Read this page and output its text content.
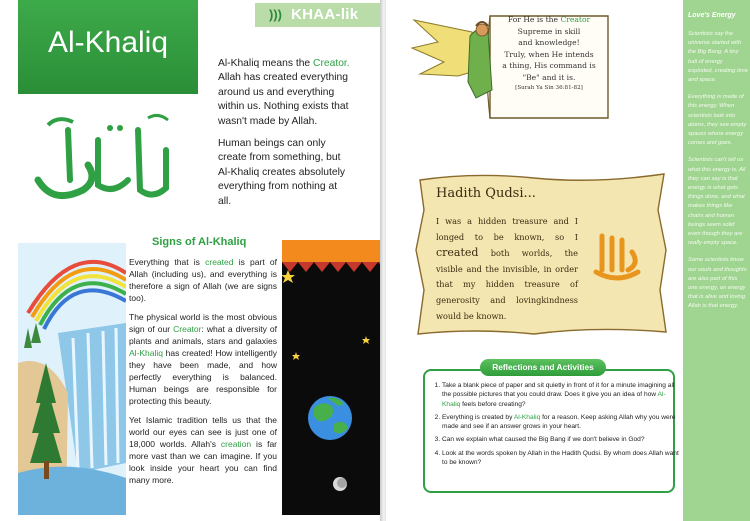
Al-Khaliq
))) KHAA-lik

Al-Khaliq means the Creator. Allah has created everything around us and everything within us. Nothing exists that wasn't made by Allah.

Human beings can only create from something, but Al-Khaliq creates absolutely everything from nothing at all.

Signs of Al-Khaliq

Everything that is created is part of Allah (including us), and everything is therefore a sign of Allah (we are signs too).

The physical world is the most obvious sign of our Creator: what a diversity of plants and animals, stars and galaxies Al-Khaliq has created! How intelligently they have been made, and how perfectly everything is balanced. Human beings are responsible for protecting this beauty.

Yet Islamic tradition tells us that the world our eyes can see is just one of 18,000 worlds. Allah's creation is far more vast than we can imagine. If you look inside your heart you can find many more.

For He is the Creator
Supreme in skill
and knowledge!
Truly, when He intends
a thing, His command is
"Be" and it is.
[Surah Ya Sin 36:81-82]
Hadith Qudsi...
I was a hidden treasure and I longed to be known, so I created both worlds, the visible and the invisible, in order that my hidden treasure of generosity and lovingkindness would be known.
Reflections and Activities
1. Take a blank piece of paper and sit quietly in front of it for a minute imagining all the possible pictures that you could draw. Does it give you an idea of how Al-Khaliq feels before creating?
2. Everything is created by Al-Khaliq for a reason. Keep asking Allah why you were made and see if an answer grows in your heart.
3. Can we explain what caused the Big Bang if we don't believe in God?
4. Look at the words spoken by Allah in the Hadith Qudsi. By whom does Allah want to be known?
Love's Energy

Scientists say the universe started with the Big Bang. A tiny ball of energy exploded, creating time and space.

Everything is made of this energy. When scientists look into atoms, they see empty spaces where energy comes and goes.

Scientists can't tell us what this energy is. All they can say is that energy is what gets things done, and what makes things like chairs and human beings seem solid even though they are really empty space.

Some scientists know our souls and thoughts are also part of this one energy, an energy that is alive and loving. Allah is that energy.
